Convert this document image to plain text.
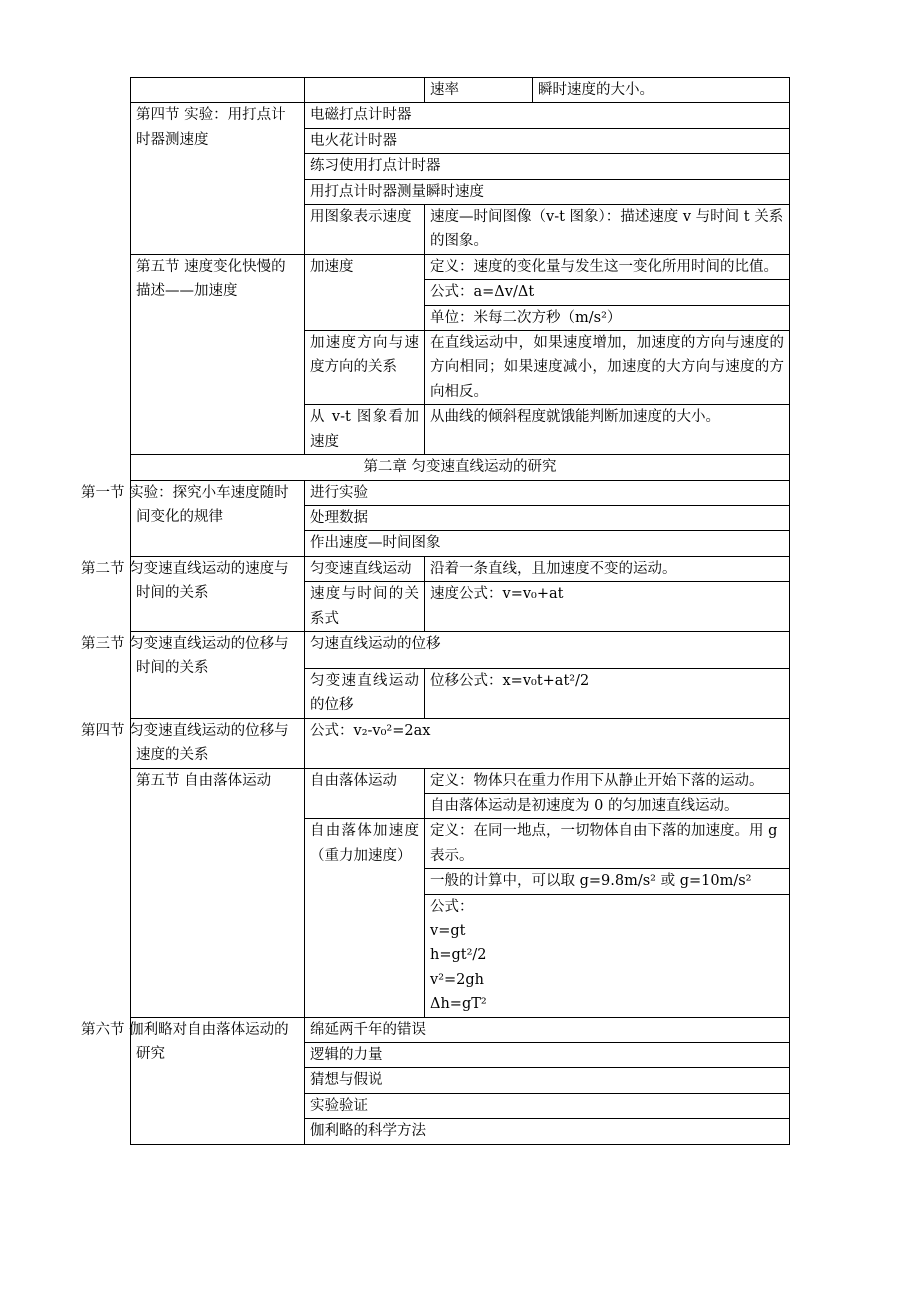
		速率	瞬时速度的大小。
第四节 实验：用打点计时器测速度	电磁打点计时器		
	电火花计时器		
	练习使用打点计时器		
	用打点计时器测量瞬时速度		
	用图象表示速度	速度—时间图像（v-t 图象）：描述速度 v 与时间 t 关系的图象。	
第五节 速度变化快慢的描述——加速度	加速度	定义：速度的变化量与发生这一变化所用时间的比值。	
		公式：a=Δv/Δt	
		单位：米每二次方秒（m/s²）	
	加速度方向与速度方向的关系	在直线运动中，如果速度增加，加速度的方向与速度的方向相同；如果速度减小，加速度的大方向与速度的方向相反。	
	从 v-t 图象看加速度	从曲线的倾斜程度就饿能判断加速度的大小。	
第二章 匀变速直线运动的研究			
第一节 实验：探究小车速度随时间变化的规律	进行实验		
	处理数据		
	作出速度—时间图象		
第二节 匀变速直线运动的速度与时间的关系	匀变速直线运动	沿着一条直线，且加速度不变的运动。	
	速度与时间的关系式	速度公式：v=v₀+at	
第三节 匀变速直线运动的位移与时间的关系	匀速直线运动的位移		
	匀变速直线运动的位移	位移公式：x=v₀t+at²/2	
第四节 匀变速直线运动的位移与速度的关系	公式：v₂-v₀²=2ax		
第五节 自由落体运动	自由落体运动	定义：物体只在重力作用下从静止开始下落的运动。	
		自由落体运动是初速度为 0 的匀加速直线运动。	
	自由落体加速度（重力加速度）	定义：在同一地点，一切物体自由下落的加速度。用 g 表示。	
		一般的计算中，可以取 g=9.8m/s² 或 g=10m/s²	

		公式：
v=gt
h=gt²/2
v²=2gh
Δh=gT²	

第六节 伽利略对自由落体运动的研究	绵延两千年的错误		
	逻辑的力量		
	猜想与假说		
	实验验证		
	伽利略的科学方法		
